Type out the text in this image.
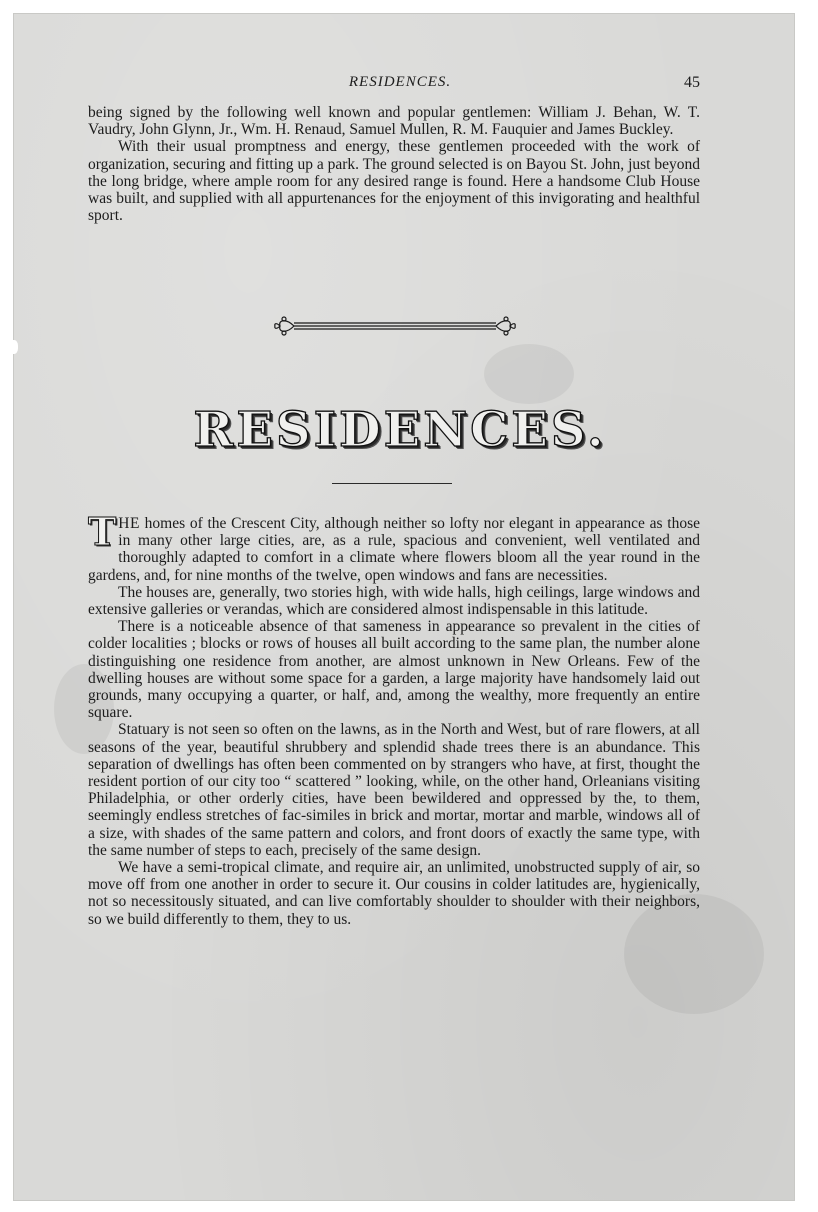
RESIDENCES.	45

being signed by the following well known and popular gentlemen: William J. Behan, W. T. Vaudry, John Glynn, Jr., Wm. H. Renaud, Samuel Mullen, R. M. Fauquier and James Buckley.

With their usual promptness and energy, these gentlemen proceeded with the work of organization, securing and fitting up a park. The ground selected is on Bayou St. John, just beyond the long bridge, where ample room for any desired range is found. Here a handsome Club House was built, and supplied with all appurtenances for the enjoyment of this invigorating and healthful sport.

RESIDENCES.

THE homes of the Crescent City, although neither so lofty nor elegant in appearance as those in many other large cities, are, as a rule, spacious and convenient, well ventilated and thoroughly adapted to comfort in a climate where flowers bloom all the year round in the gardens, and, for nine months of the twelve, open windows and fans are necessities.

The houses are, generally, two stories high, with wide halls, high ceilings, large windows and extensive galleries or verandas, which are considered almost indispensable in this latitude.

There is a noticeable absence of that sameness in appearance so prevalent in the cities of colder localities ; blocks or rows of houses all built according to the same plan, the number alone distinguishing one residence from another, are almost unknown in New Orleans. Few of the dwelling houses are without some space for a garden, a large majority have handsomely laid out grounds, many occupying a quarter, or half, and, among the wealthy, more frequently an entire square.

Statuary is not seen so often on the lawns, as in the North and West, but of rare flowers, at all seasons of the year, beautiful shrubbery and splendid shade trees there is an abundance. This separation of dwellings has often been commented on by strangers who have, at first, thought the resident portion of our city too “ scattered ” looking, while, on the other hand, Orleanians visiting Philadelphia, or other orderly cities, have been bewildered and oppressed by the, to them, seemingly endless stretches of fac-similes in brick and mortar, mortar and marble, windows all of a size, with shades of the same pattern and colors, and front doors of exactly the same type, with the same number of steps to each, precisely of the same design.

We have a semi-tropical climate, and require air, an unlimited, unobstructed supply of air, so move off from one another in order to secure it. Our cousins in colder latitudes are, hygienically, not so necessitously situated, and can live comfortably shoulder to shoulder with their neighbors, so we build differently to them, they to us.
